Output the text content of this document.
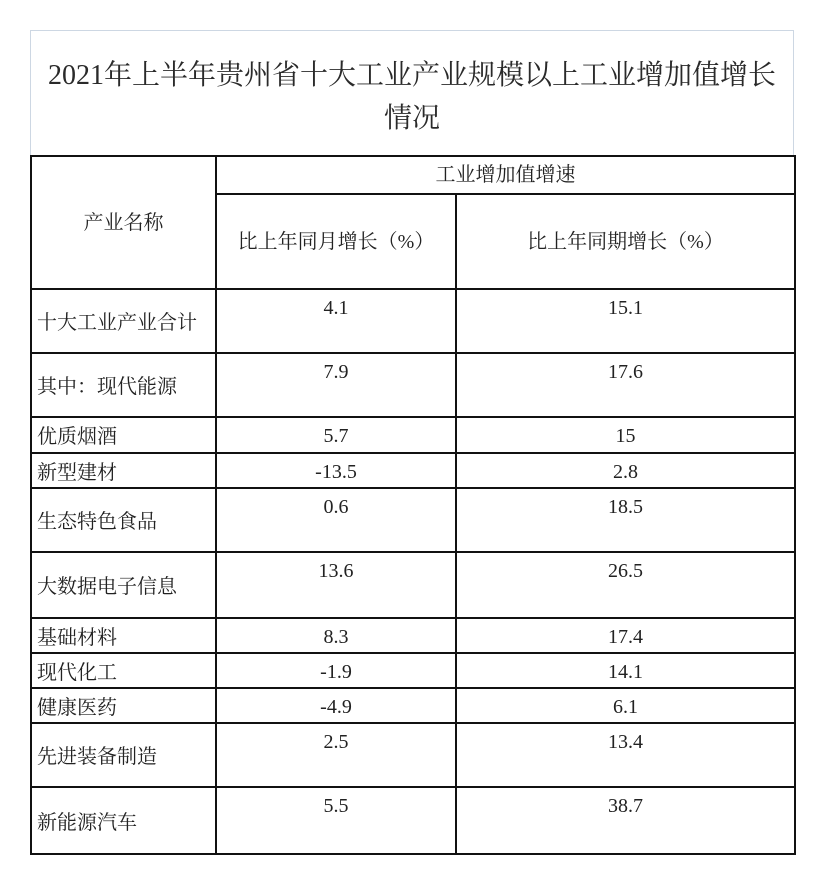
2021年上半年贵州省十大工业产业规模以上工业增加值增长情况
产业名称	工业增加值增速	
	比上年同月增长（%）	比上年同期增长（%）
十大工业产业合计	4.1	15.1
其中：现代能源	7.9	17.6
优质烟酒	5.7	15
新型建材	-13.5	2.8
生态特色食品	0.6	18.5
大数据电子信息	13.6	26.5
基础材料	8.3	17.4
现代化工	-1.9	14.1
健康医药	-4.9	6.1
先进装备制造	2.5	13.4
新能源汽车	5.5	38.7
